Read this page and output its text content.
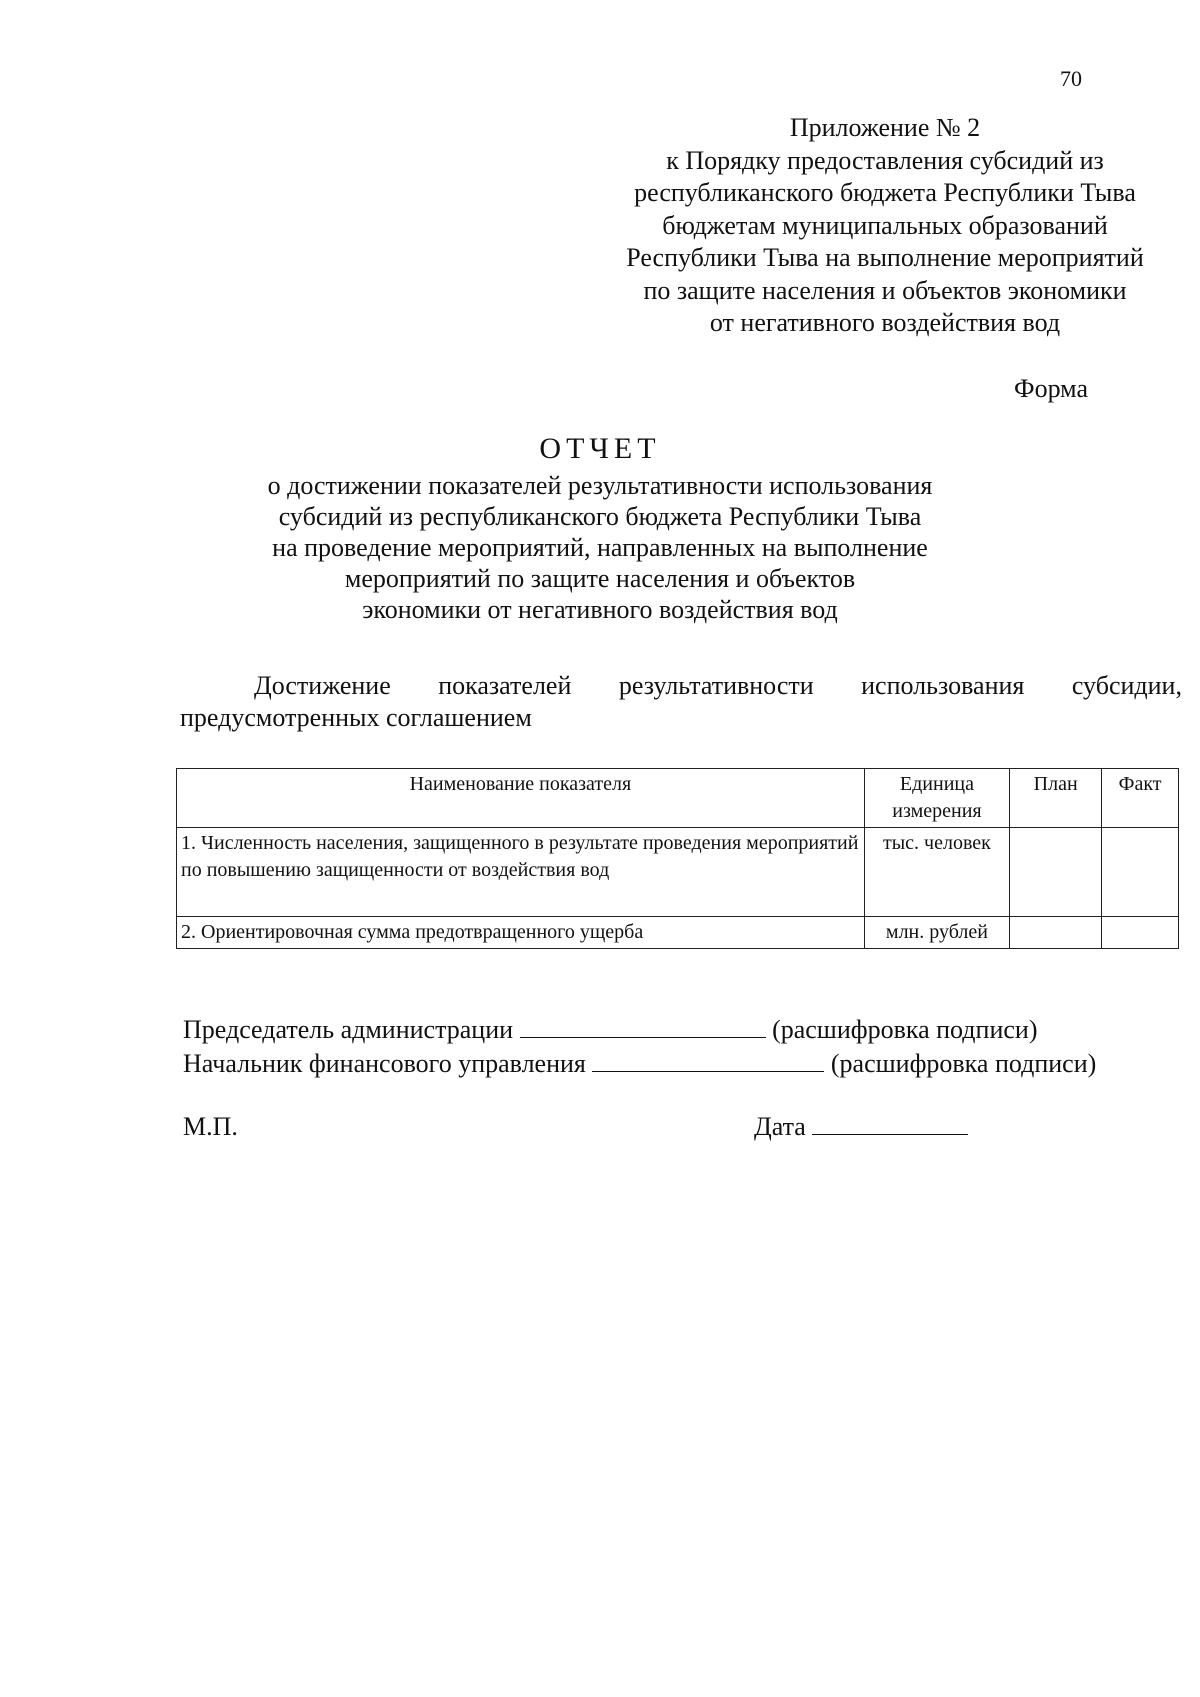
70
Приложение № 2
к Порядку предоставления субсидий из
республиканского бюджета Республики Тыва
бюджетам муниципальных образований
Республики Тыва на выполнение мероприятий
по защите населения и объектов экономики
от негативного воздействия вод
Форма
ОТЧЕТ
о достижении показателей результативности использования
субсидий из республиканского бюджета Республики Тыва
на проведение мероприятий, направленных на выполнение
мероприятий по защите населения и объектов
экономики от негативного воздействия вод
Достижение показателей результативности использования субсидии,
предусмотренных соглашением
Наименование показателя	Единица измерения	План	Факт
1. Численность населения, защищенного в результате проведения мероприятий по повышению защищенности от воздействия вод	тыс. человек		
2. Ориентировочная сумма предотвращенного ущерба	млн. рублей		
Председатель администрации	(расшифровка подписи)
Начальник финансового управления	(расшифровка подписи)
М.П.	Дата
